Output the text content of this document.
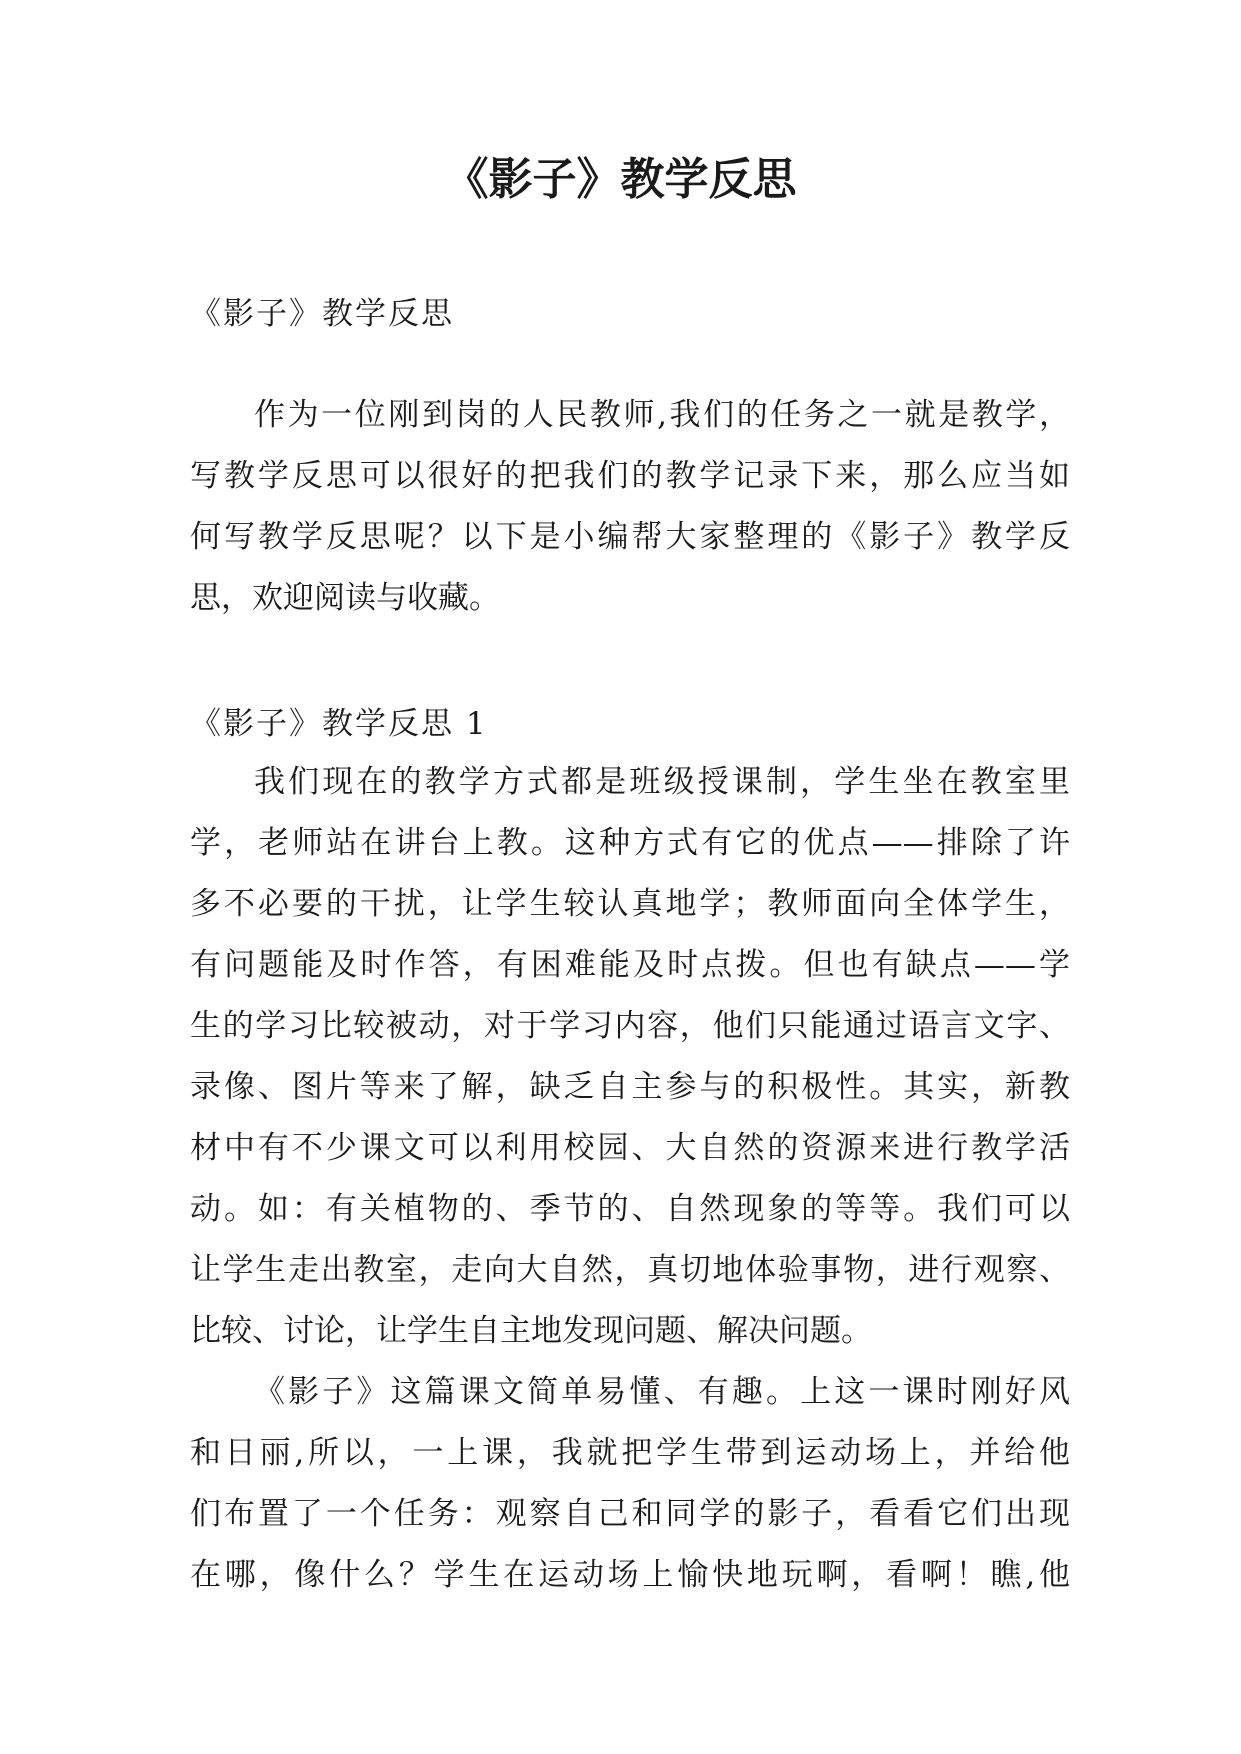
《影子》教学反思

《影子》教学反思

作为一位刚到岗的人民教师,我们的任务之一就是教学，
写教学反思可以很好的把我们的教学记录下来，那么应当如
何写教学反思呢？以下是小编帮大家整理的《影子》教学反
思，欢迎阅读与收藏。

《影子》教学反思 1

我们现在的教学方式都是班级授课制，学生坐在教室里
学，老师站在讲台上教。这种方式有它的优点——排除了许
多不必要的干扰，让学生较认真地学；教师面向全体学生，
有问题能及时作答，有困难能及时点拨。但也有缺点——学
生的学习比较被动，对于学习内容，他们只能通过语言文字、
录像、图片等来了解，缺乏自主参与的积极性。其实，新教
材中有不少课文可以利用校园、大自然的资源来进行教学活
动。如：有关植物的、季节的、自然现象的等等。我们可以
让学生走出教室，走向大自然，真切地体验事物，进行观察、
比较、讨论，让学生自主地发现问题、解决问题。
《影子》这篇课文简单易懂、有趣。上这一课时刚好风
和日丽,所以，一上课，我就把学生带到运动场上，并给他
们布置了一个任务：观察自己和同学的影子，看看它们出现
在哪，像什么？学生在运动场上愉快地玩啊，看啊！瞧,他
